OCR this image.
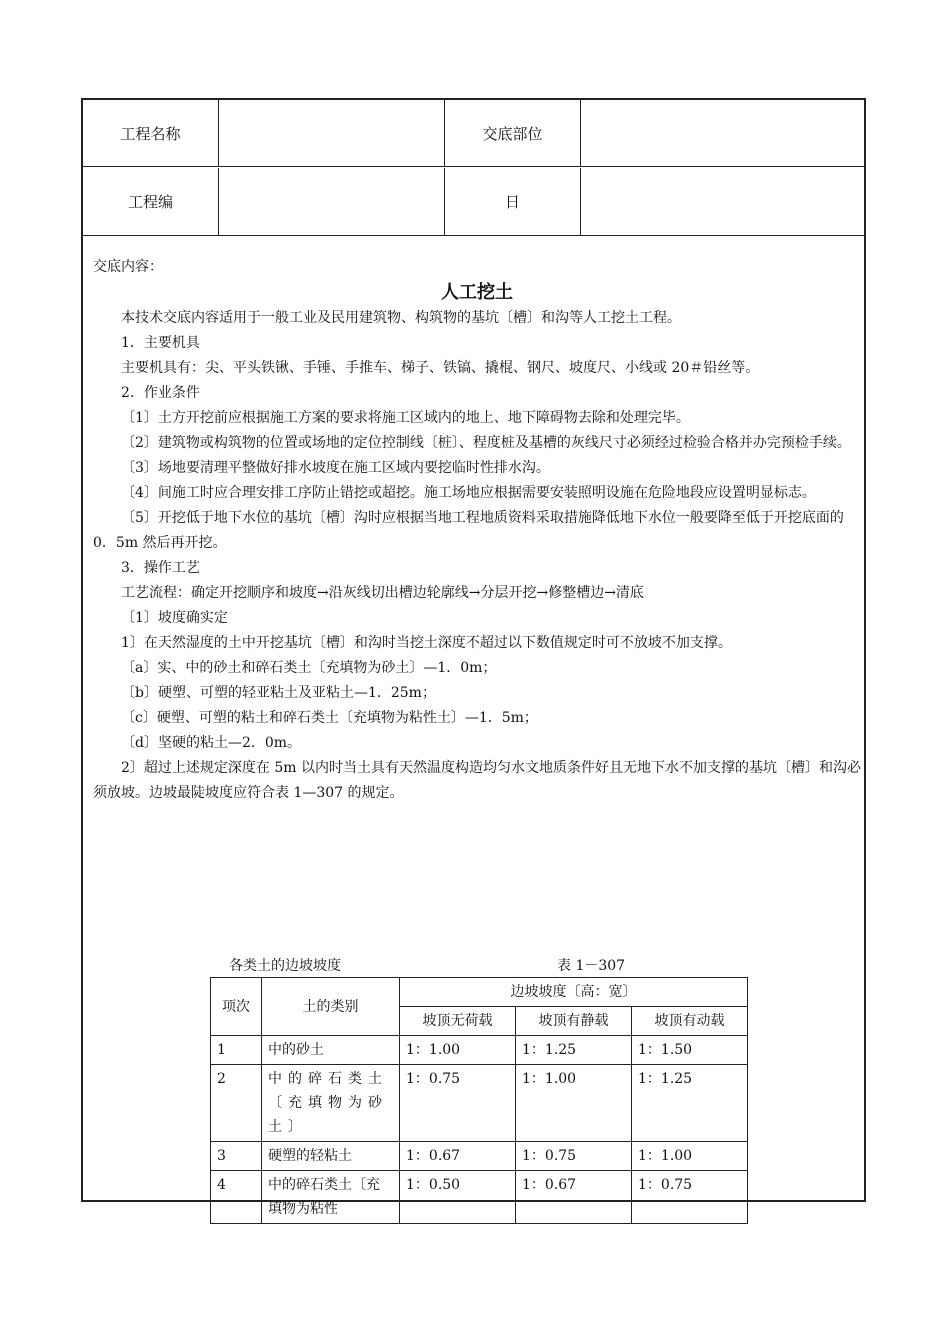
工程名称	交底部位
工程编	日

交底内容：

人工挖土

本技术交底内容适用于一般工业及民用建筑物、构筑物的基坑〔槽〕和沟等人工挖土工程。

1．主要机具

主要机具有：尖、平头铁锹、手锤、手推车、梯子、铁镐、撬棍、钢尺、坡度尺、小线或 20＃铅丝等。

2．作业条件

〔1〕土方开挖前应根据施工方案的要求将施工区域内的地上、地下障碍物去除和处理完毕。

〔2〕建筑物或构筑物的位置或场地的定位控制线〔桩〕、程度桩及基槽的灰线尺寸必须经过检验合格并办完预检手续。

〔3〕场地要清理平整做好排水坡度在施工区域内要挖临时性排水沟。

〔4〕间施工时应合理安排工序防止错挖或超挖。施工场地应根据需要安装照明设施在危险地段应设置明显标志。

〔5〕开挖低于地下水位的基坑〔槽〕沟时应根据当地工程地质资料采取措施降低地下水位一般要降至低于开挖底面的 0．5m 然后再开挖。

3．操作工艺

工艺流程：确定开挖顺序和坡度→沿灰线切出槽边轮廓线→分层开挖→修整槽边→清底

〔1〕坡度确实定

1〕在天然湿度的土中开挖基坑〔槽〕和沟时当挖土深度不超过以下数值规定时可不放坡不加支撑。

〔a〕实、中的砂土和碎石类土〔充填物为砂土〕—1．0m；

〔b〕硬塑、可塑的轻亚粘土及亚粘土—1．25m；

〔c〕硬塑、可塑的粘土和碎石类土〔充填物为粘性土〕—1．5m；

〔d〕坚硬的粘土—2．0m。

2〕超过上述规定深度在 5m 以内时当土具有天然温度构造均匀水文地质条件好且无地下水不加支撑的基坑〔槽〕和沟必须放坡。边坡最陡坡度应符合表 1—307 的规定。

各类土的边坡坡度	表 1－307
项次	土的类别	边坡坡度〔高：宽〕		
		坡顶无荷载	坡顶有静载	坡顶有动载
1	中的砂土	1：1.00	1：1.25	1：1.50
2	中的碎石类土〔充填物为砂土〕	1：0.75	1：1.00	1：1.25
3	硬塑的轻粘土	1：0.67	1：0.75	1：1.00
4	中的碎石类土〔充填物为粘性	1：0.50	1：0.67	1：0.75
